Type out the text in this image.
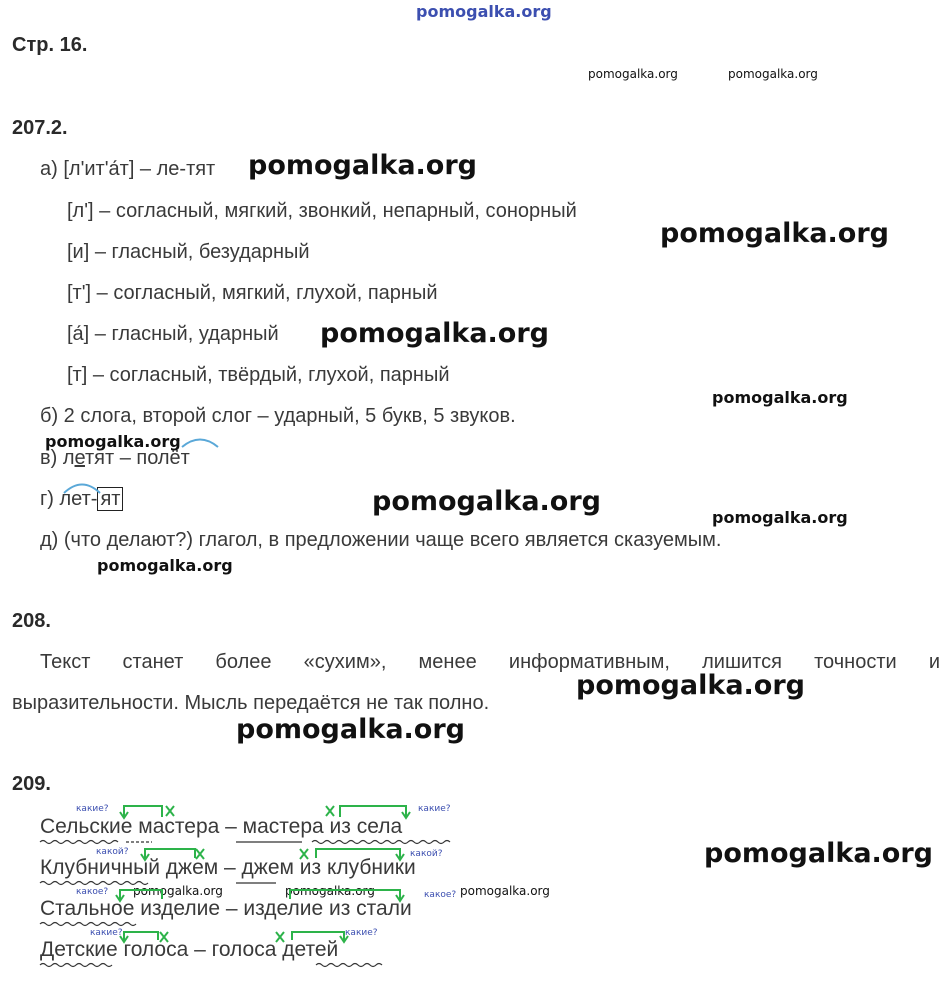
pomogalka.org
Стр. 16.
pomogalka.org	pomogalka.org
207.2.
а) [л'ит'а́т] – ле-тят pomogalka.org
[л'] – согласный, мягкий, звонкий, непарный, сонорный
pomogalka.org
[и] – гласный, безударный
[т'] – согласный, мягкий, глухой, парный
[а́] – гласный, ударный pomogalka.org
[т] – согласный, твёрдый, глухой, парный
б) 2 слога, второй слог – ударный, 5 букв, 5 звуков.
pomogalka.org
pomogalka.org
в) летят – полёт
г) лет- ят	pomogalka.org
pomogalka.org
д) (что делают?) глагол, в предложении чаще всего является сказуемым.
pomogalka.org
208.
Текст станет более «сухим», менее информативным, лишится точности и
выразительности. Мысль передаётся не так полно.
pomogalka.org
pomogalka.org
209.
Сельские мастера – мастера из села
Клубничный джем – джем из клубники
Стальное изделие – изделие из стали
Детские голоса – голоса детей
какие?	какие?
какой?	какой?
какое?	какое?
какие?	какие?
pomogalka.org
pomogalka.org	pomogalka.org	pomogalka.org
